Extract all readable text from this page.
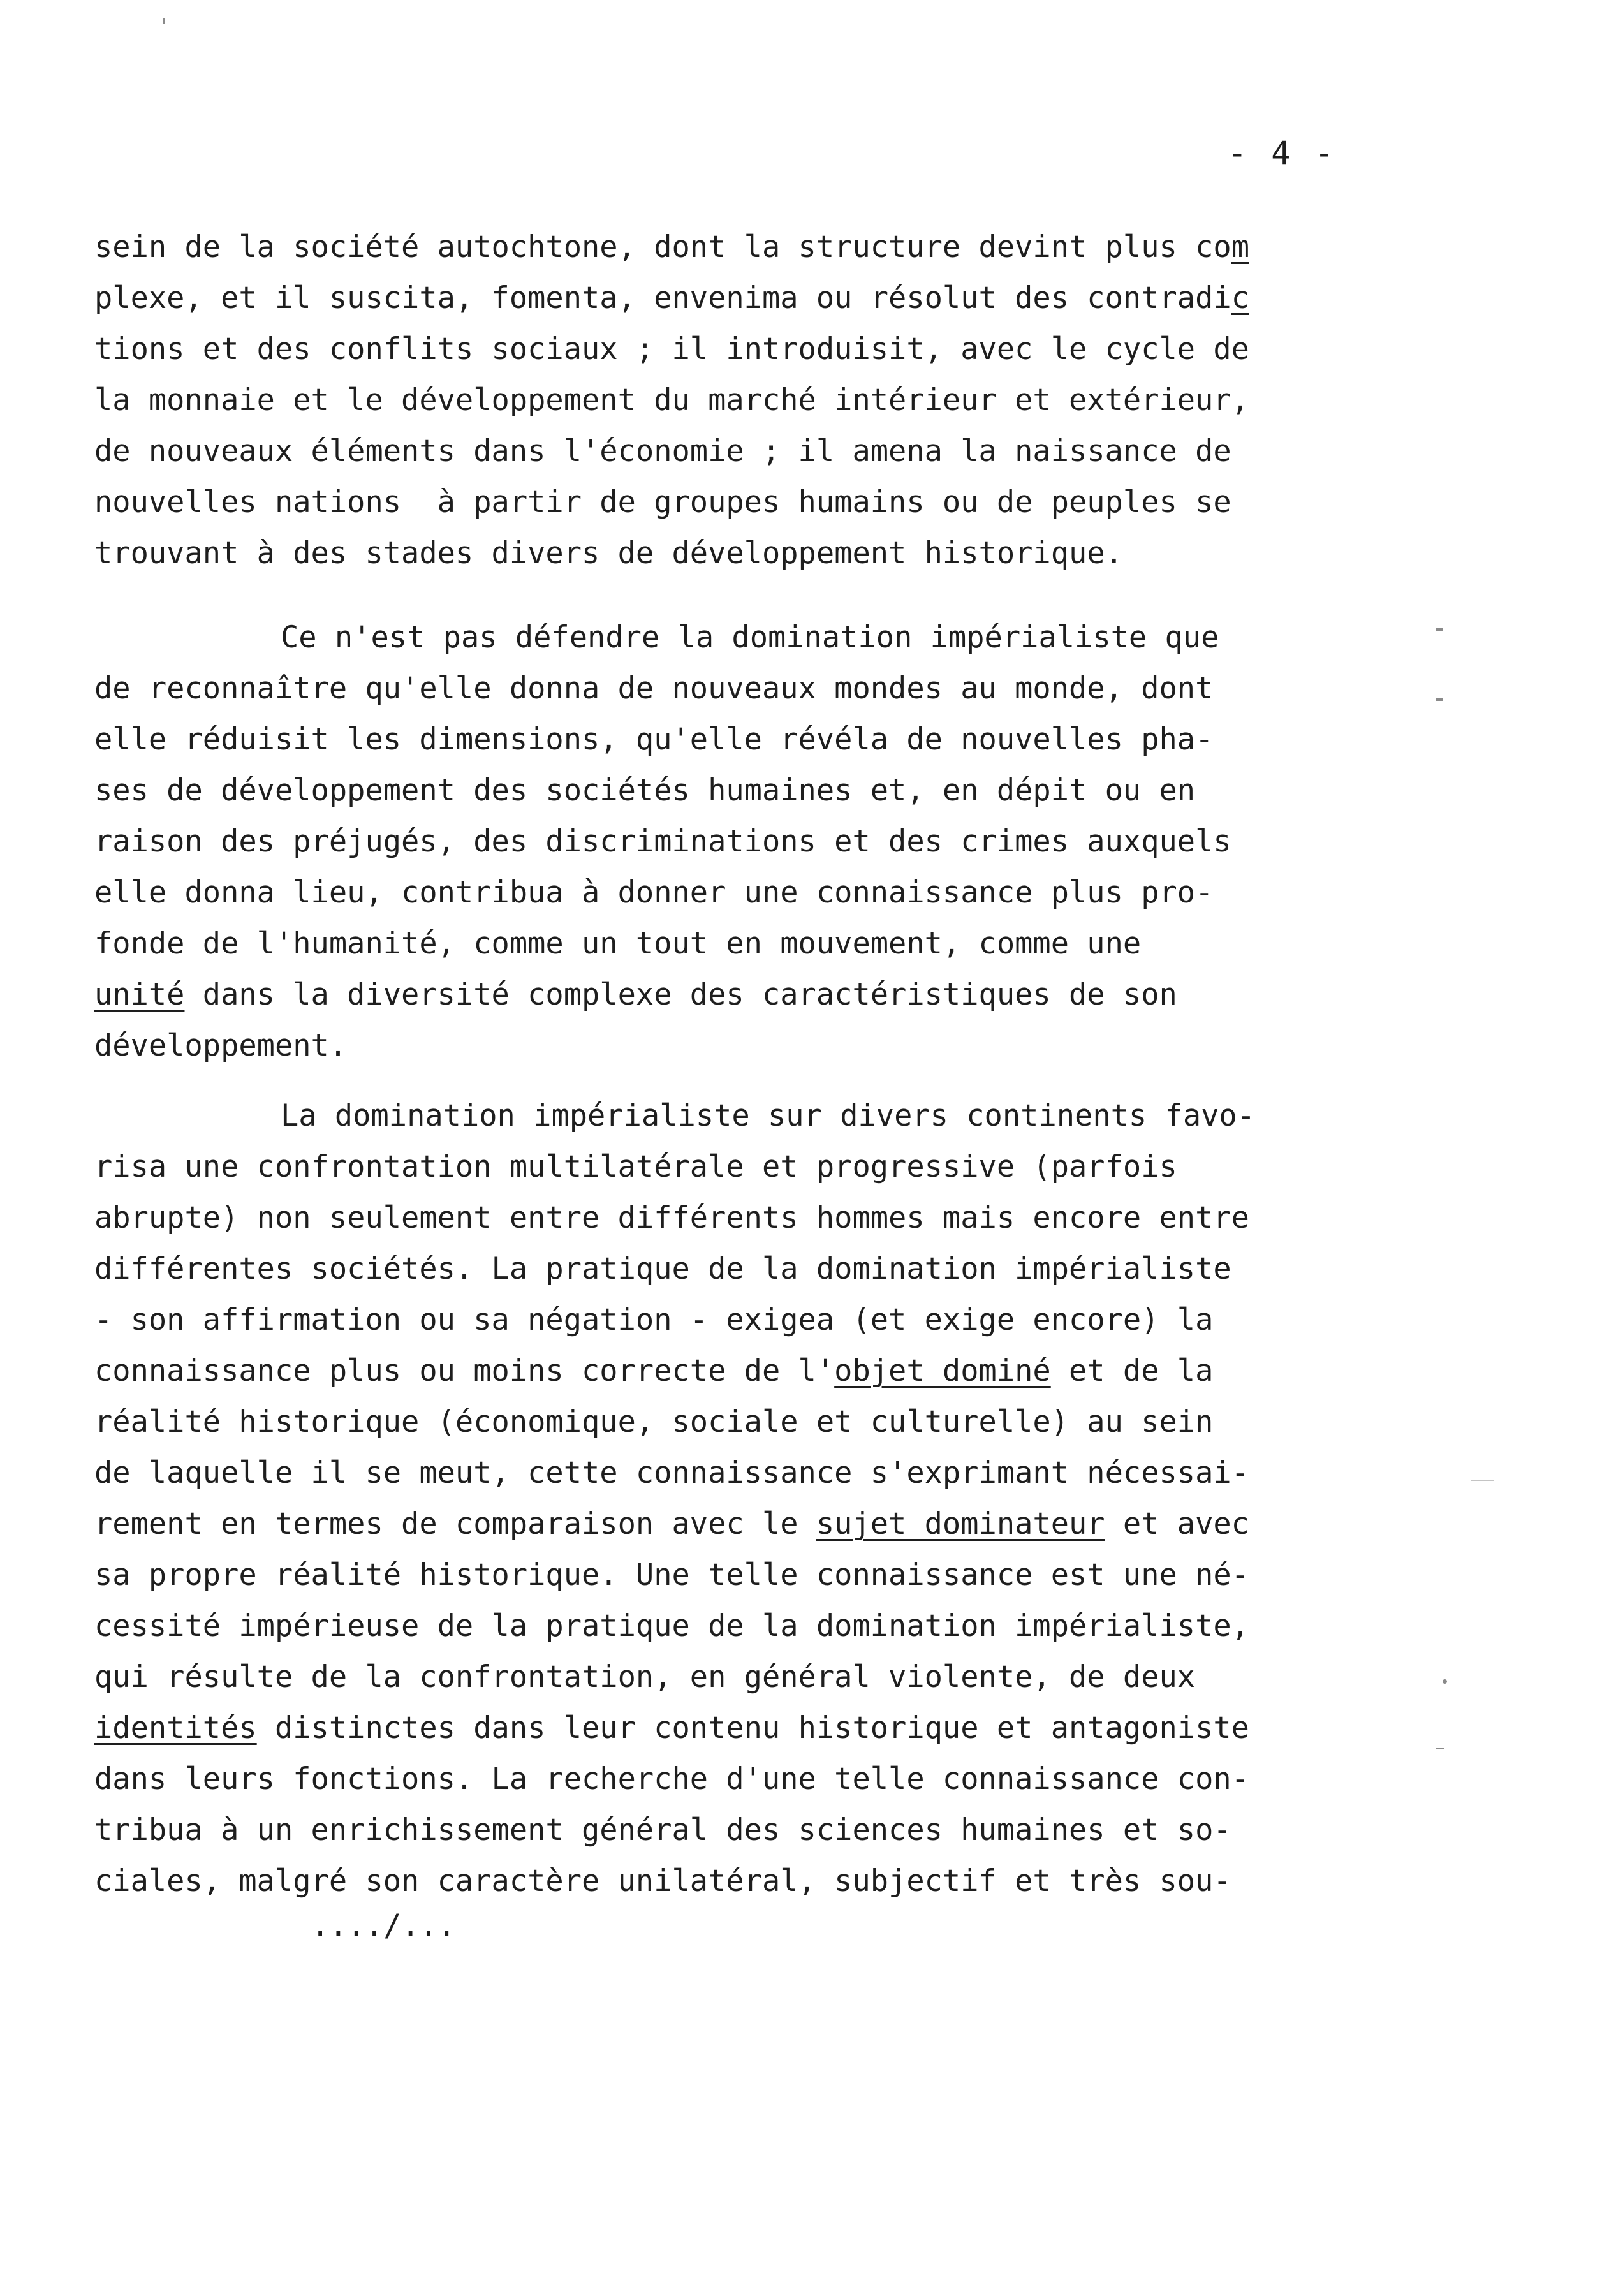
- 4 -
sein de la société autochtone, dont la structure devint plus com
plexe, et il suscita, fomenta, envenima ou résolut des contradic
tions et des conflits sociaux ; il introduisit, avec le cycle de
la monnaie et le développement du marché intérieur et extérieur,
de nouveaux éléments dans l'économie ; il amena la naissance de
nouvelles nations  à partir de groupes humains ou de peuples se
trouvant à des stades divers de développement historique.
Ce n'est pas défendre la domination impérialiste que
de reconnaître qu'elle donna de nouveaux mondes au monde, dont
elle réduisit les dimensions, qu'elle révéla de nouvelles pha-
ses de développement des sociétés humaines et, en dépit ou en
raison des préjugés, des discriminations et des crimes auxquels
elle donna lieu, contribua à donner une connaissance plus pro-
fonde de l'humanité, comme un tout en mouvement, comme une
unité dans la diversité complexe des caractéristiques de son
développement.
La domination impérialiste sur divers continents favo-
risa une confrontation multilatérale et progressive (parfois
abrupte) non seulement entre différents hommes mais encore entre
différentes sociétés. La pratique de la domination impérialiste
- son affirmation ou sa négation - exigea (et exige encore) la
connaissance plus ou moins correcte de l'objet dominé et de la
réalité historique (économique, sociale et culturelle) au sein
de laquelle il se meut, cette connaissance s'exprimant nécessai-
rement en termes de comparaison avec le sujet dominateur et avec
sa propre réalité historique. Une telle connaissance est une né-
cessité impérieuse de la pratique de la domination impérialiste,
qui résulte de la confrontation, en général violente, de deux
identités distinctes dans leur contenu historique et antagoniste
dans leurs fonctions. La recherche d'une telle connaissance con-
tribua à un enrichissement général des sciences humaines et so-
ciales, malgré son caractère unilatéral, subjectif et très sou-
..../...
